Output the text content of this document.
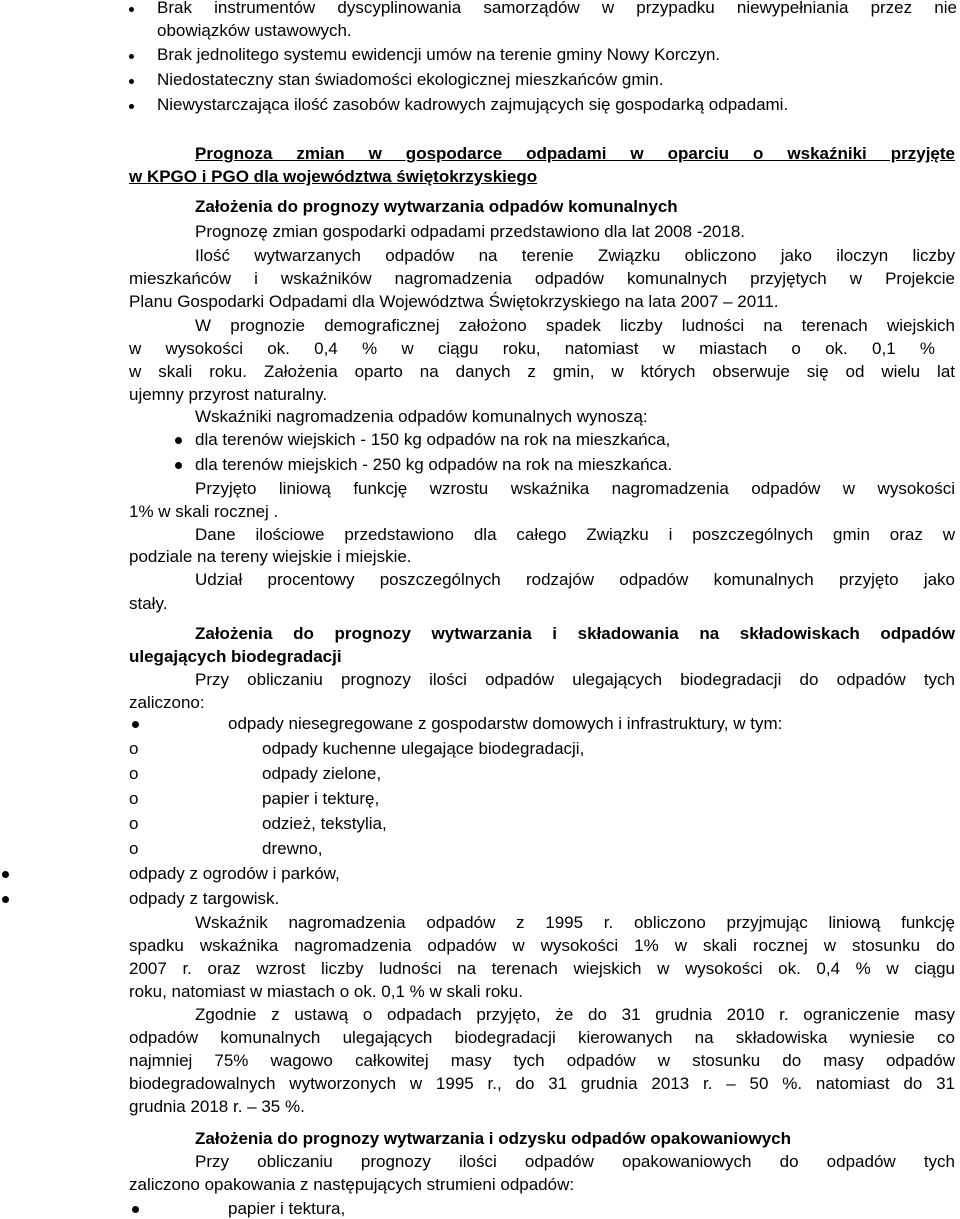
Brak instrumentów dyscyplinowania samorządów w przypadku niewypełniania przez nie
obowiązków ustawowych.
Brak jednolitego systemu ewidencji umów na terenie gminy Nowy Korczyn.
Niedostateczny stan świadomości ekologicznej mieszkańców gmin.
Niewystarczająca ilość zasobów kadrowych zajmujących się gospodarką odpadami.
Prognoza zmian w gospodarce odpadami w oparciu o wskaźniki przyjęte
w KPGO i PGO dla województwa świętokrzyskiego
Założenia do prognozy wytwarzania odpadów komunalnych
Prognozę zmian gospodarki odpadami przedstawiono dla lat 2008 -2018.
Ilość wytwarzanych odpadów na terenie Związku obliczono jako iloczyn liczby
mieszkańców i wskaźników nagromadzenia odpadów komunalnych przyjętych w Projekcie
Planu Gospodarki Odpadami dla Województwa Świętokrzyskiego na lata 2007 – 2011.
W prognozie demograficznej założono spadek liczby ludności na terenach wiejskich
w wysokości ok. 0,4 % w ciągu roku, natomiast w miastach o ok. 0,1 %
w skali roku. Założenia oparto na danych z gmin, w których obserwuje się od wielu lat
ujemny przyrost naturalny.
Wskaźniki nagromadzenia odpadów komunalnych wynoszą:
dla terenów wiejskich - 150 kg odpadów na rok na mieszkańca,
dla terenów miejskich - 250 kg odpadów na rok na mieszkańca.
Przyjęto liniową funkcję wzrostu wskaźnika nagromadzenia odpadów w wysokości
1% w skali rocznej .
Dane ilościowe przedstawiono dla całego Związku i poszczególnych gmin oraz w
podziale na tereny wiejskie i miejskie.
Udział procentowy poszczególnych rodzajów odpadów komunalnych przyjęto jako
stały.
Założenia do prognozy wytwarzania i składowania na składowiskach odpadów
ulegających biodegradacji
Przy obliczaniu prognozy ilości odpadów ulegających biodegradacji do odpadów tych
zaliczono:
odpady niesegregowane z gospodarstw domowych i infrastruktury, w tym:
o	odpady kuchenne ulegające biodegradacji,
o	odpady zielone,
o	papier i tekturę,
o	odzież, tekstylia,
o	drewno,
odpady z ogrodów i parków,
odpady z targowisk.
Wskaźnik nagromadzenia odpadów z 1995 r. obliczono przyjmując liniową funkcję
spadku wskaźnika nagromadzenia odpadów w wysokości 1% w skali rocznej w stosunku do
2007 r. oraz wzrost liczby ludności na terenach wiejskich w wysokości ok. 0,4 % w ciągu
roku, natomiast w miastach o ok. 0,1 % w skali roku.
Zgodnie z ustawą o odpadach przyjęto, że do 31 grudnia 2010 r. ograniczenie masy
odpadów komunalnych ulegających biodegradacji kierowanych na składowiska wyniesie co
najmniej 75% wagowo całkowitej masy tych odpadów w stosunku do masy odpadów
biodegradowalnych wytworzonych w 1995 r., do 31 grudnia 2013 r. – 50 %. natomiast do 31
grudnia 2018 r. – 35 %.
Założenia do prognozy wytwarzania i odzysku odpadów opakowaniowych
Przy obliczaniu prognozy ilości odpadów opakowaniowych do odpadów tych
zaliczono opakowania z następujących strumieni odpadów:
papier i tektura,
